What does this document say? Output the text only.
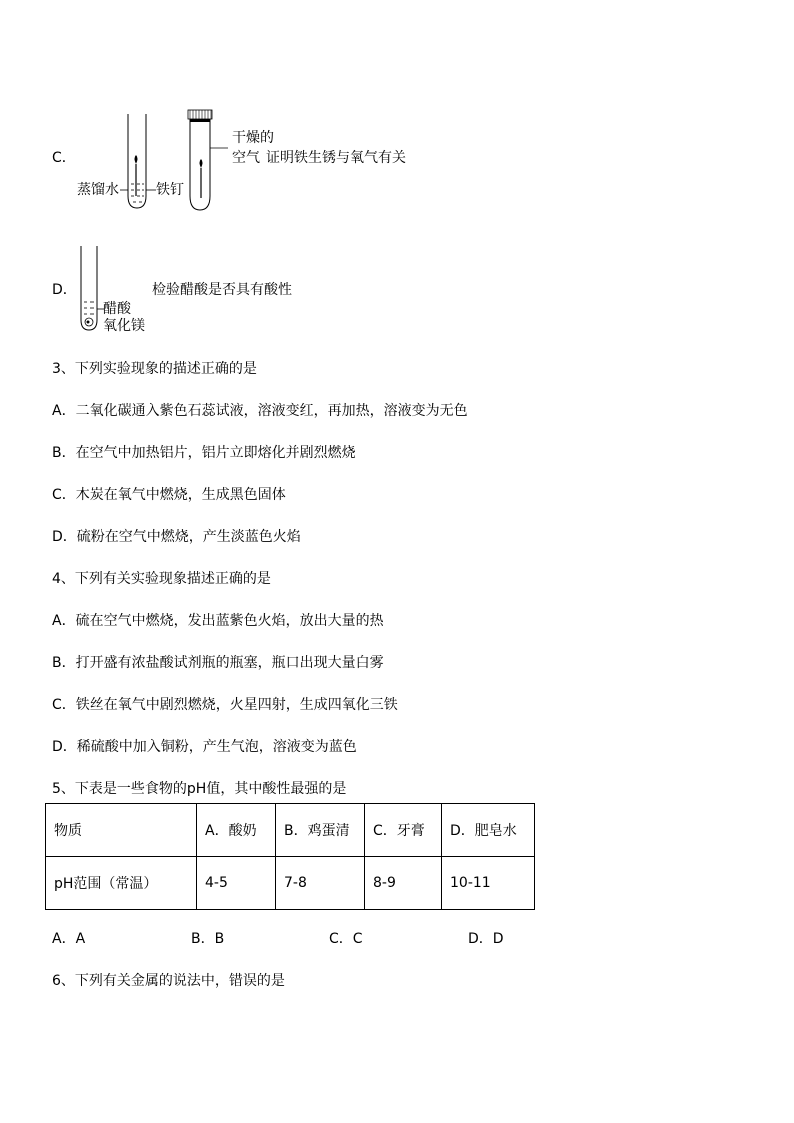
C．
干燥的
空气 证明铁生锈与氧气有关
蒸馏水	铁钉
D．
醋酸
氧化镁
检验醋酸是否具有酸性
3、下列实验现象的描述正确的是
A．二氧化碳通入紫色石蕊试液，溶液变红，再加热，溶液变为无色
B．在空气中加热铝片，铝片立即熔化并剧烈燃烧
C．木炭在氧气中燃烧，生成黑色固体
D．硫粉在空气中燃烧，产生淡蓝色火焰
4、下列有关实验现象描述正确的是
A．硫在空气中燃烧，发出蓝紫色火焰，放出大量的热
B．打开盛有浓盐酸试剂瓶的瓶塞，瓶口出现大量白雾
C．铁丝在氧气中剧烈燃烧，火星四射，生成四氧化三铁
D．稀硫酸中加入铜粉，产生气泡，溶液变为蓝色
5、下表是一些食物的pH值，其中酸性最强的是
物质	A．酸奶	B．鸡蛋清	C．牙膏	D．肥皂水
pH范围（常温）	4-5	7-8	8-9	10-11
A．A	B．B	C．C	D．D
6、下列有关金属的说法中，错误的是
